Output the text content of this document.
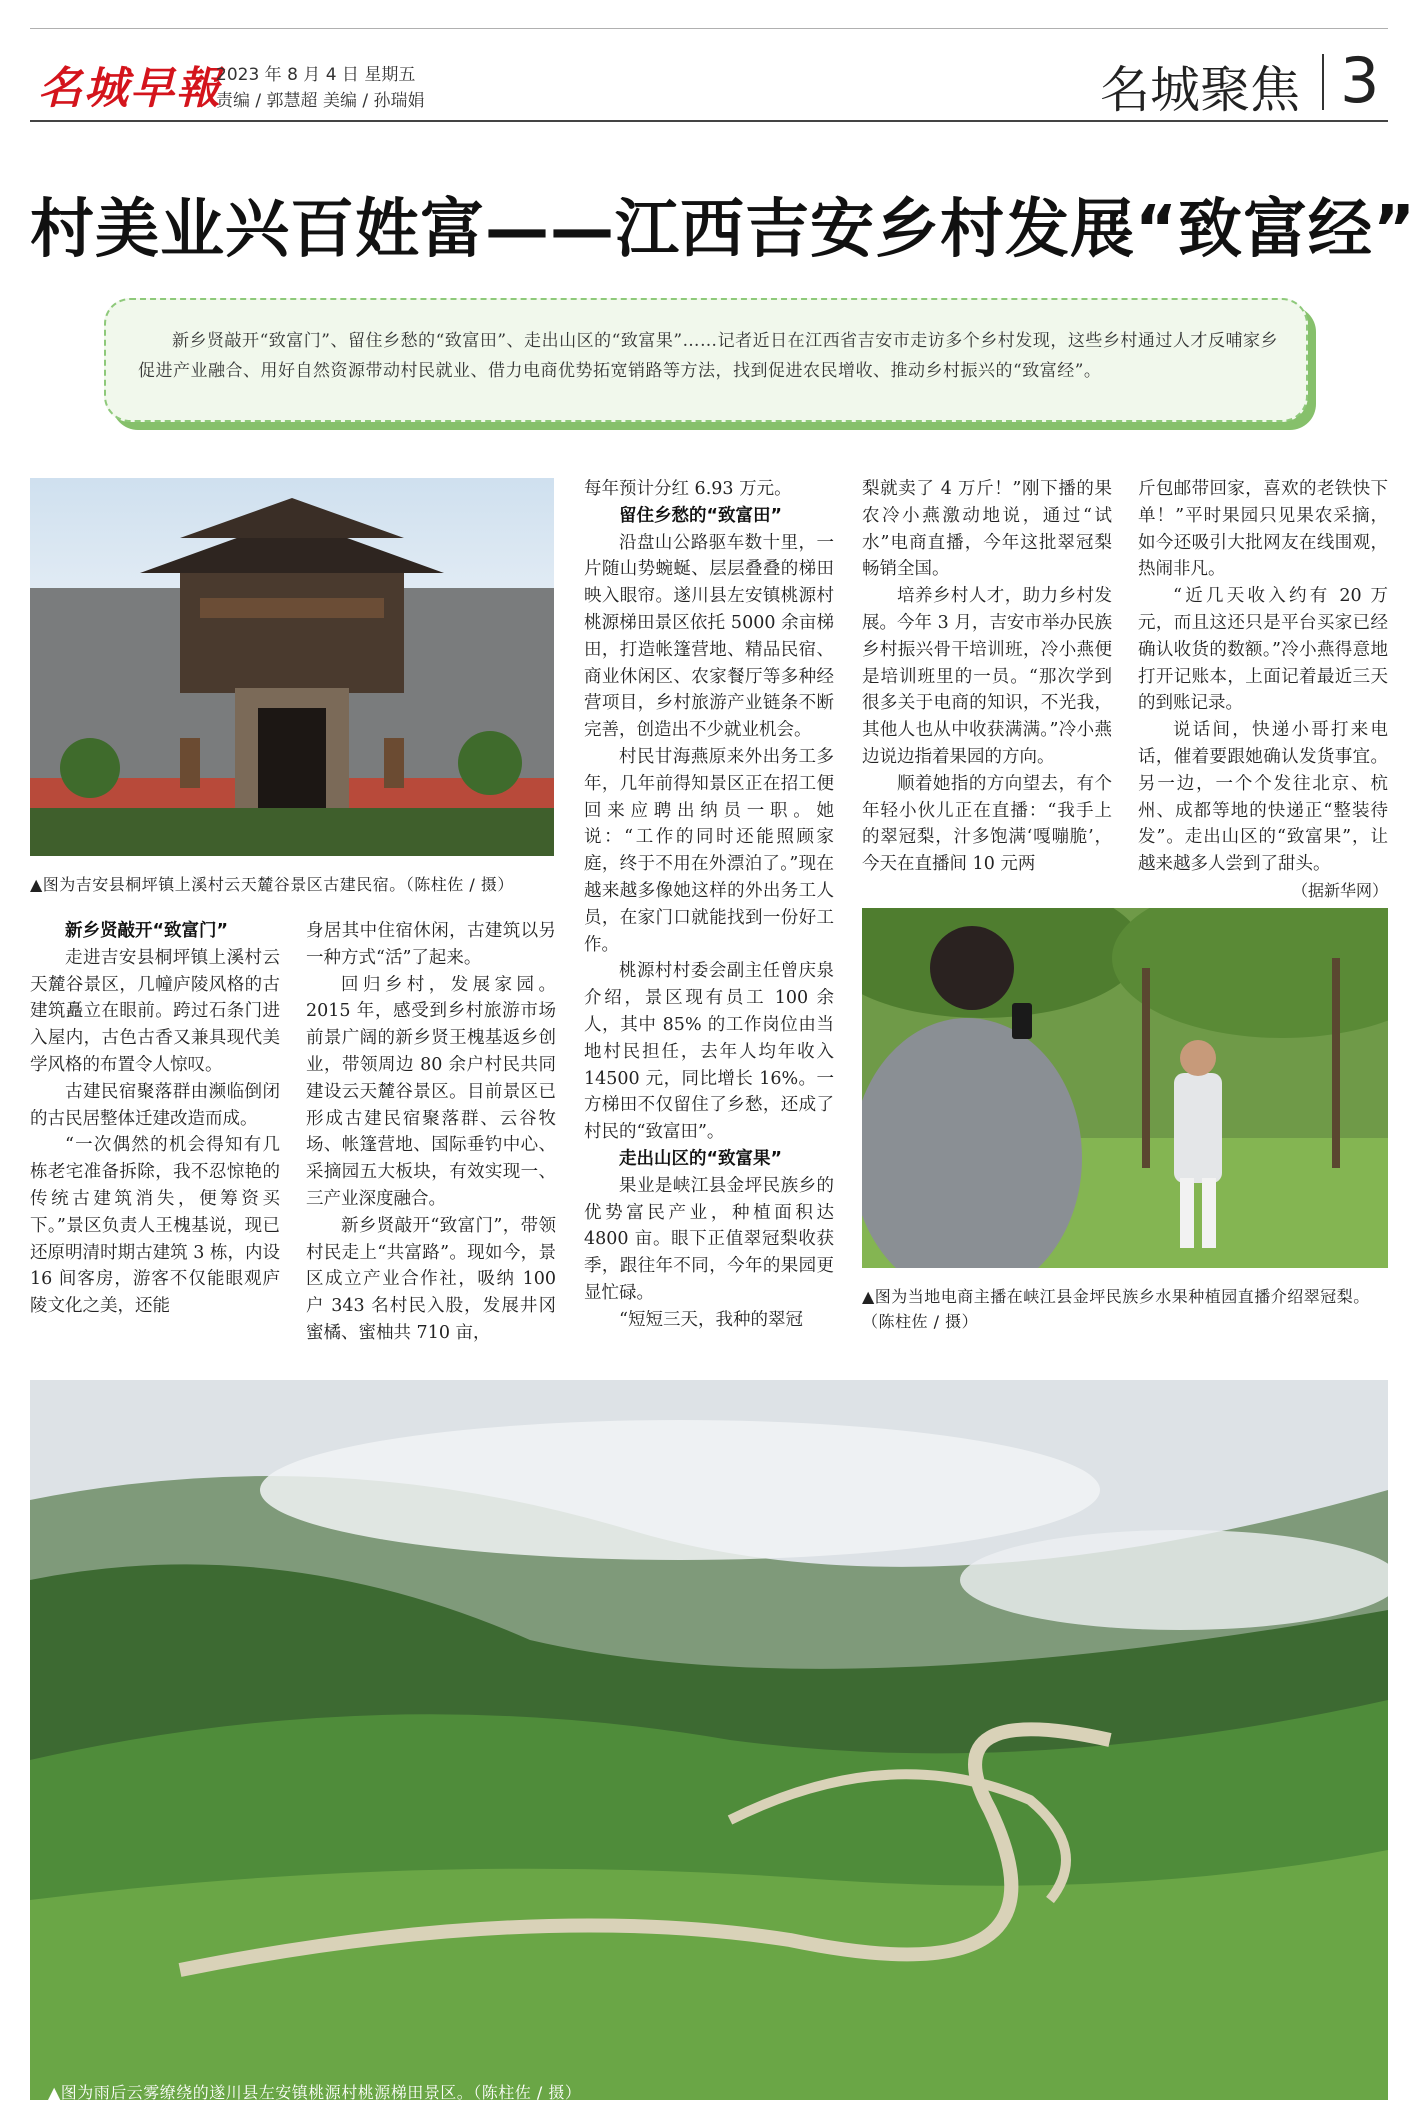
名城早報
2023 年 8 月 4 日 星期五
责编 / 郭慧超 美编 / 孙瑞娟	名城聚焦 3
村美业兴百姓富——江西吉安乡村发展“致富经”
新乡贤敲开“致富门”、留住乡愁的“致富田”、走出山区的“致富果”……记者近日在江西省吉安市走访多个乡村发现，这些乡村通过人才反哺家乡促进产业融合、用好自然资源带动村民就业、借力电商优势拓宽销路等方法，找到促进农民增收、推动乡村振兴的“致富经”。
▲图为吉安县桐坪镇上溪村云天麓谷景区古建民宿。（陈柱佐 / 摄）
新乡贤敲开“致富门”

走进吉安县桐坪镇上溪村云天麓谷景区，几幢庐陵风格的古建筑矗立在眼前。跨过石条门进入屋内，古色古香又兼具现代美学风格的布置令人惊叹。

古建民宿聚落群由濒临倒闭的古民居整体迁建改造而成。

“一次偶然的机会得知有几栋老宅准备拆除，我不忍惊艳的传统古建筑消失，便筹资买下。”景区负责人王槐基说，现已还原明清时期古建筑 3 栋，内设 16 间客房，游客不仅能眼观庐陵文化之美，还能

身居其中住宿休闲，古建筑以另一种方式“活”了起来。

回归乡村，发展家园。2015 年，感受到乡村旅游市场前景广阔的新乡贤王槐基返乡创业，带领周边 80 余户村民共同建设云天麓谷景区。目前景区已形成古建民宿聚落群、云谷牧场、帐篷营地、国际垂钓中心、采摘园五大板块，有效实现一、三产业深度融合。

新乡贤敲开“致富门”，带领村民走上“共富路”。现如今，景区成立产业合作社，吸纳 100 户 343 名村民入股，发展井冈蜜橘、蜜柚共 710 亩，

每年预计分红 6.93 万元。

留住乡愁的“致富田”

沿盘山公路驱车数十里，一片随山势蜿蜒、层层叠叠的梯田映入眼帘。遂川县左安镇桃源村桃源梯田景区依托 5000 余亩梯田，打造帐篷营地、精品民宿、商业休闲区、农家餐厅等多种经营项目，乡村旅游产业链条不断完善，创造出不少就业机会。

村民甘海燕原来外出务工多年，几年前得知景区正在招工便回来应聘出纳员一职。她说：“工作的同时还能照顾家庭，终于不用在外漂泊了。”现在越来越多像她这样的外出务工人员，在家门口就能找到一份好工作。

桃源村村委会副主任曾庆泉介绍，景区现有员工 100 余人，其中 85% 的工作岗位由当地村民担任，去年人均年收入 14500 元，同比增长 16%。一方梯田不仅留住了乡愁，还成了村民的“致富田”。

走出山区的“致富果”

果业是峡江县金坪民族乡的优势富民产业，种植面积达 4800 亩。眼下正值翠冠梨收获季，跟往年不同，今年的果园更显忙碌。

“短短三天，我种的翠冠

梨就卖了 4 万斤！”刚下播的果农冷小燕激动地说，通过“试水”电商直播，今年这批翠冠梨畅销全国。

培养乡村人才，助力乡村发展。今年 3 月，吉安市举办民族乡村振兴骨干培训班，冷小燕便是培训班里的一员。“那次学到很多关于电商的知识，不光我，其他人也从中收获满满。”冷小燕边说边指着果园的方向。

顺着她指的方向望去，有个年轻小伙儿正在直播：“我手上的翠冠梨，汁多饱满‘嘎嘣脆’，今天在直播间 10 元两

斤包邮带回家，喜欢的老铁快下单！”平时果园只见果农采摘，如今还吸引大批网友在线围观，热闹非凡。

“近几天收入约有 20 万元，而且这还只是平台买家已经确认收货的数额。”冷小燕得意地打开记账本，上面记着最近三天的到账记录。

说话间，快递小哥打来电话，催着要跟她确认发货事宜。另一边，一个个发往北京、杭州、成都等地的快递正“整装待发”。走出山区的“致富果”，让越来越多人尝到了甜头。

（据新华网）

▲图为当地电商主播在峡江县金坪民族乡水果种植园直播介绍翠冠梨。（陈柱佐 / 摄）
▲图为雨后云雾缭绕的遂川县左安镇桃源村桃源梯田景区。（陈柱佐 / 摄）
